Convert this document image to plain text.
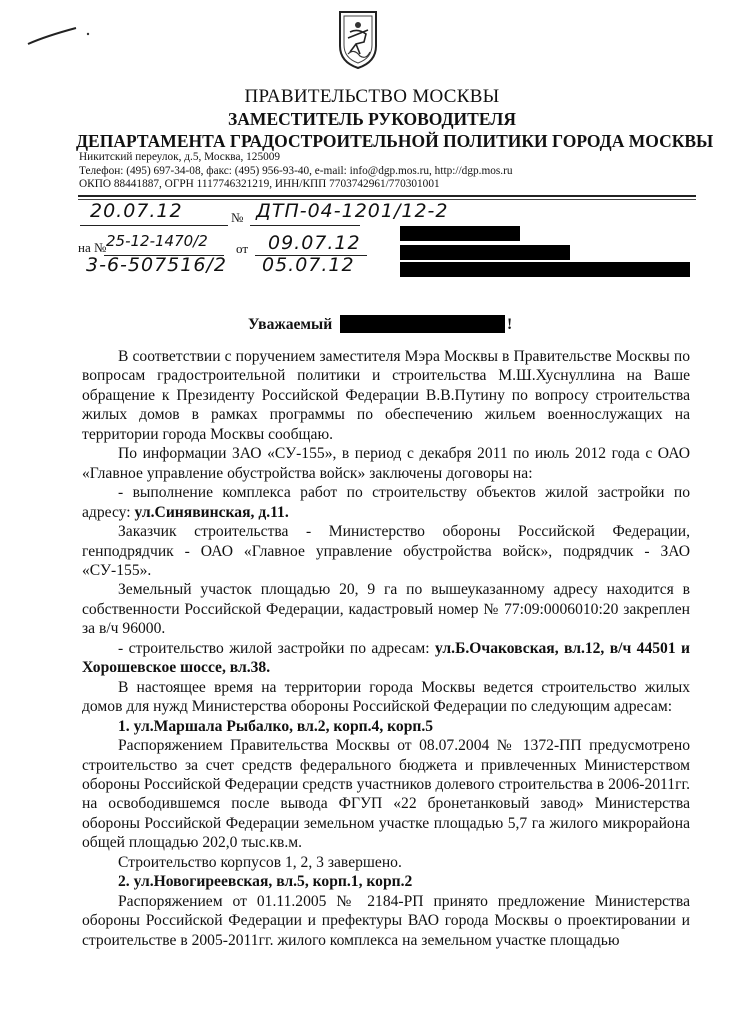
ПРАВИТЕЛЬСТВО МОСКВЫ
ЗАМЕСТИТЕЛЬ РУКОВОДИТЕЛЯ
ДЕПАРТАМЕНТА ГРАДОСТРОИТЕЛЬНОЙ ПОЛИТИКИ ГОРОДА МОСКВЫ
Никитский переулок, д.5, Москва, 125009
Телефон: (495) 697-34-08, факс: (495) 956-93-40, e-mail: info@dgp.mos.ru, http://dgp.mos.ru
ОКПО 88441887, ОГРН 1117746321219, ИНН/КПП 7703742961/770301001
20.07.12	№ ДТП-04-1201/12-2
на № 25-12-1470/2 от 09.07.12
3-6-507516/2 05.07.12
Уважаемый	!

В соответствии с поручением заместителя Мэра Москвы в Правительстве Москвы по вопросам градостроительной политики и строительства М.Ш.Хуснуллина на Ваше обращение к Президенту Российской Федерации В.В.Путину по вопросу строительства жилых домов в рамках программы по обеспечению жильем военнослужащих на территории города Москвы сообщаю.

По информации ЗАО «СУ-155», в период с декабря 2011 по июль 2012 года с ОАО «Главное управление обустройства войск» заключены договоры на:

- выполнение комплекса работ по строительству объектов жилой застройки по адресу: ул.Синявинская, д.11.

Заказчик строительства - Министерство обороны Российской Федерации, генподрядчик - ОАО «Главное управление обустройства войск», подрядчик - ЗАО «СУ-155».

Земельный участок площадью 20, 9 га по вышеуказанному адресу находится в собственности Российской Федерации, кадастровый номер № 77:09:0006010:20 закреплен за в/ч 96000.

- строительство жилой застройки по адресам: ул.Б.Очаковская, вл.12, в/ч 44501 и Хорошевское шоссе, вл.38.

В настоящее время на территории города Москвы ведется строительство жилых домов для нужд Министерства обороны Российской Федерации по следующим адресам:

1. ул.Маршала Рыбалко, вл.2, корп.4, корп.5

Распоряжением Правительства Москвы от 08.07.2004 № 1372-ПП предусмотрено строительство за счет средств федерального бюджета и привлеченных Министерством обороны Российской Федерации средств участников долевого строительства в 2006-2011гг. на освободившемся после вывода ФГУП «22 бронетанковый завод» Министерства обороны Российской Федерации земельном участке площадью 5,7 га жилого микрорайона общей площадью 202,0 тыс.кв.м.

Строительство корпусов 1, 2, 3 завершено.

2. ул.Новогиреевская, вл.5, корп.1, корп.2

Распоряжением от 01.11.2005 № 2184-РП принято предложение Министерства обороны Российской Федерации и префектуры ВАО города Москвы о проектировании и строительстве в 2005-2011гг. жилого комплекса на земельном участке площадью
